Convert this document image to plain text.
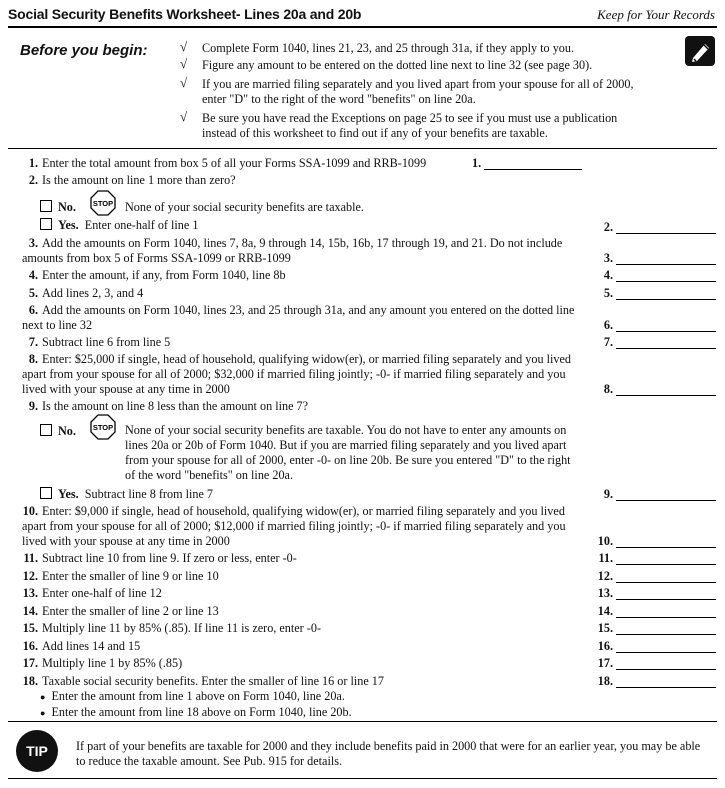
Social Security Benefits Worksheet- Lines 20a and 20b	Keep for Your Records
Before you begin: √ Complete Form 1040, lines 21, 23, and 25 through 31a, if they apply to you.
√ Figure any amount to be entered on the dotted line next to line 32 (see page 30).
√ If you are married filing separately and you lived apart from your spouse for all of 2000, enter "D" to the right of the word "benefits" on line 20a.
√ Be sure you have read the Exceptions on page 25 to see if you must use a publication instead of this worksheet to find out if any of your benefits are taxable.
1. Enter the total amount from box 5 of all your Forms SSA-1099 and RRB-1099	1.
2. Is the amount on line 1 more than zero?
No. STOP None of your social security benefits are taxable.
Yes. Enter one-half of line 1	2.
3. Add the amounts on Form 1040, lines 7, 8a, 9 through 14, 15b, 16b, 17 through 19, and 21. Do not include amounts from box 5 of Forms SSA-1099 or RRB-1099	3.
4. Enter the amount, if any, from Form 1040, line 8b	4.
5. Add lines 2, 3, and 4	5.
6. Add the amounts on Form 1040, lines 23, and 25 through 31a, and any amount you entered on the dotted line next to line 32	6.
7. Subtract line 6 from line 5	7.
8. Enter: $25,000 if single, head of household, qualifying widow(er), or married filing separately and you lived apart from your spouse for all of 2000; $32,000 if married filing jointly; -0- if married filing separately and you lived with your spouse at any time in 2000	8.
9. Is the amount on line 8 less than the amount on line 7?
No. STOP None of your social security benefits are taxable. You do not have to enter any amounts on lines 20a or 20b of Form 1040. But if you are married filing separately and you lived apart from your spouse for all of 2000, enter -0- on line 20b. Be sure you entered "D" to the right of the word "benefits" on line 20a.
Yes. Subtract line 8 from line 7	9.
10. Enter: $9,000 if single, head of household, qualifying widow(er), or married filing separately and you lived apart from your spouse for all of 2000; $12,000 if married filing jointly; -0- if married filing separately and you lived with your spouse at any time in 2000	10.
11. Subtract line 10 from line 9. If zero or less, enter -0-	11.
12. Enter the smaller of line 9 or line 10	12.
13. Enter one-half of line 12	13.
14. Enter the smaller of line 2 or line 13	14.
15. Multiply line 11 by 85% (.85). If line 11 is zero, enter -0-	15.
16. Add lines 14 and 15	16.
17. Multiply line 1 by 85% (.85)	17.
18. Taxable social security benefits. Enter the smaller of line 16 or line 17	18.
● Enter the amount from line 1 above on Form 1040, line 20a.
● Enter the amount from line 18 above on Form 1040, line 20b.
TIP	If part of your benefits are taxable for 2000 and they include benefits paid in 2000 that were for an earlier year, you may be able to reduce the taxable amount. See Pub. 915 for details.
